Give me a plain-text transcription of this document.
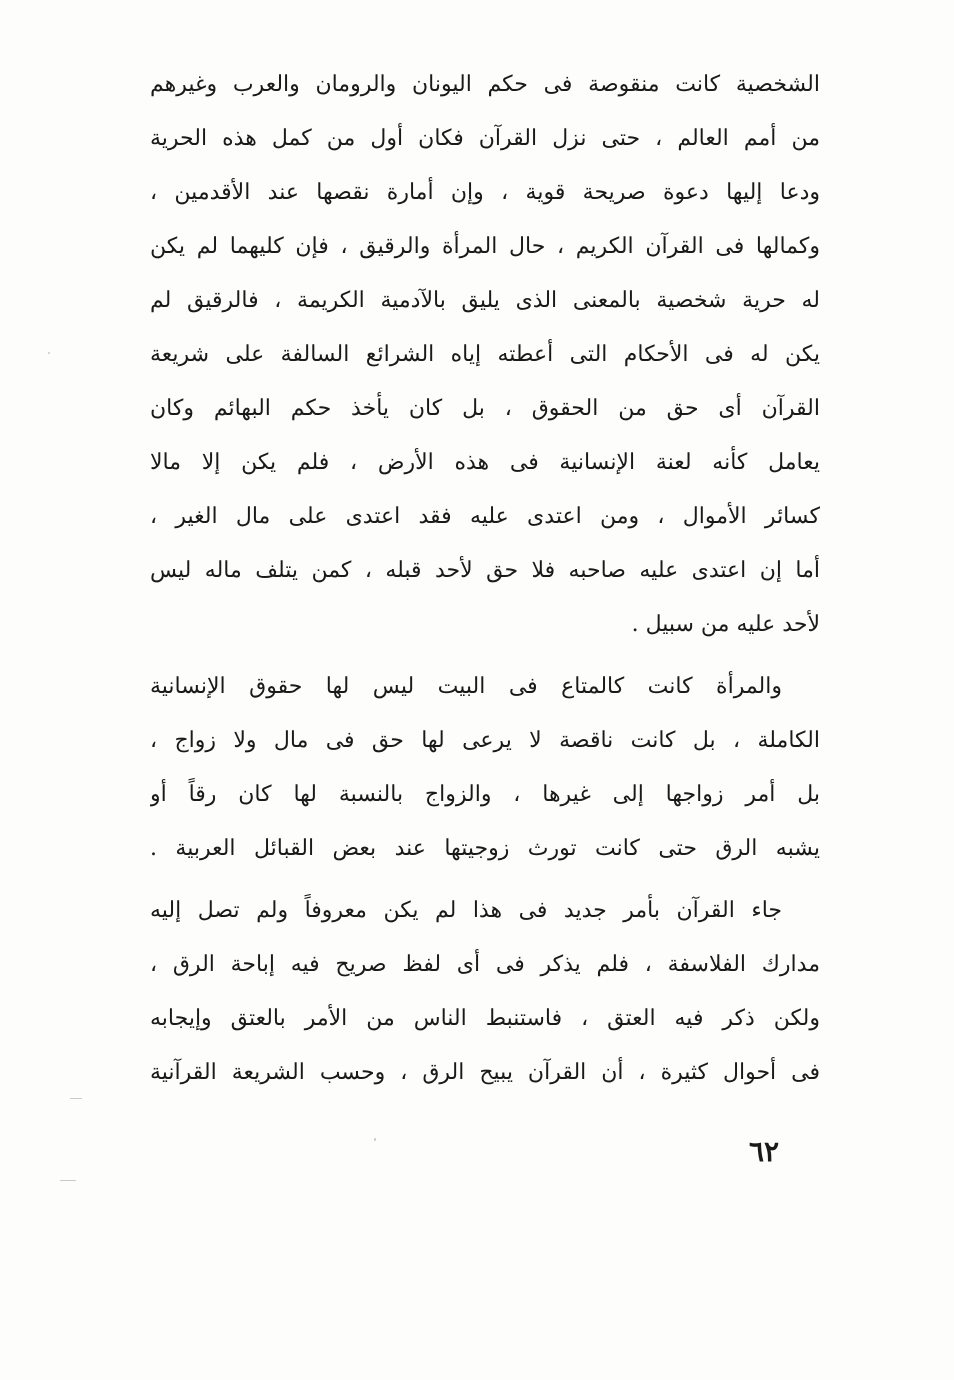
الشخصية كانت منقوصة فى حكم اليونان والرومان والعرب وغيرهم
من أمم العالم ، حتى نزل القرآن فكان أول من كمل هذه الحرية
ودعا إليها دعوة صريحة قوية ، وإن أمارة نقصها عند الأقدمين ،
وكمالها فى القرآن الكريم ، حال المرأة والرقيق ، فإن كليهما لم يكن
له حرية شخصية بالمعنى الذى يليق بالآدمية الكريمة ، فالرقيق لم
يكن له فى الأحكام التى أعطته إياه الشرائع السالفة على شريعة
القرآن أى حق من الحقوق ، بل كان يأخذ حكم البهائم وكان
يعامل كأنه لعنة الإنسانية فى هذه الأرض ، فلم يكن إلا مالا
كسائر الأموال ، ومن اعتدى عليه فقد اعتدى على مال الغير ،
أما إن اعتدى عليه صاحبه فلا حق لأحد قبله ، كمن يتلف ماله ليس
لأحد عليه من سبيل .
والمرأة كانت كالمتاع فى البيت ليس لها حقوق الإنسانية
الكاملة ، بل كانت ناقصة لا يرعى لها حق فى مال ولا زواج ،
بل أمر زواجها إلى غيرها ، والزواج بالنسبة لها كان رقاً أو
يشبه الرق حتى كانت تورث زوجيتها عند بعض القبائل العربية .
جاء القرآن بأمر جديد فى هذا لم يكن معروفاً ولم تصل إليه
مدارك الفلاسفة ، فلم يذكر فى أى لفظ صريح فيه إباحة الرق ،
ولكن ذكر فيه العتق ، فاستنبط الناس من الأمر بالعتق وإيجابه
فى أحوال كثيرة ، أن القرآن يبيح الرق ، وحسب الشريعة القرآنية
٦٢
